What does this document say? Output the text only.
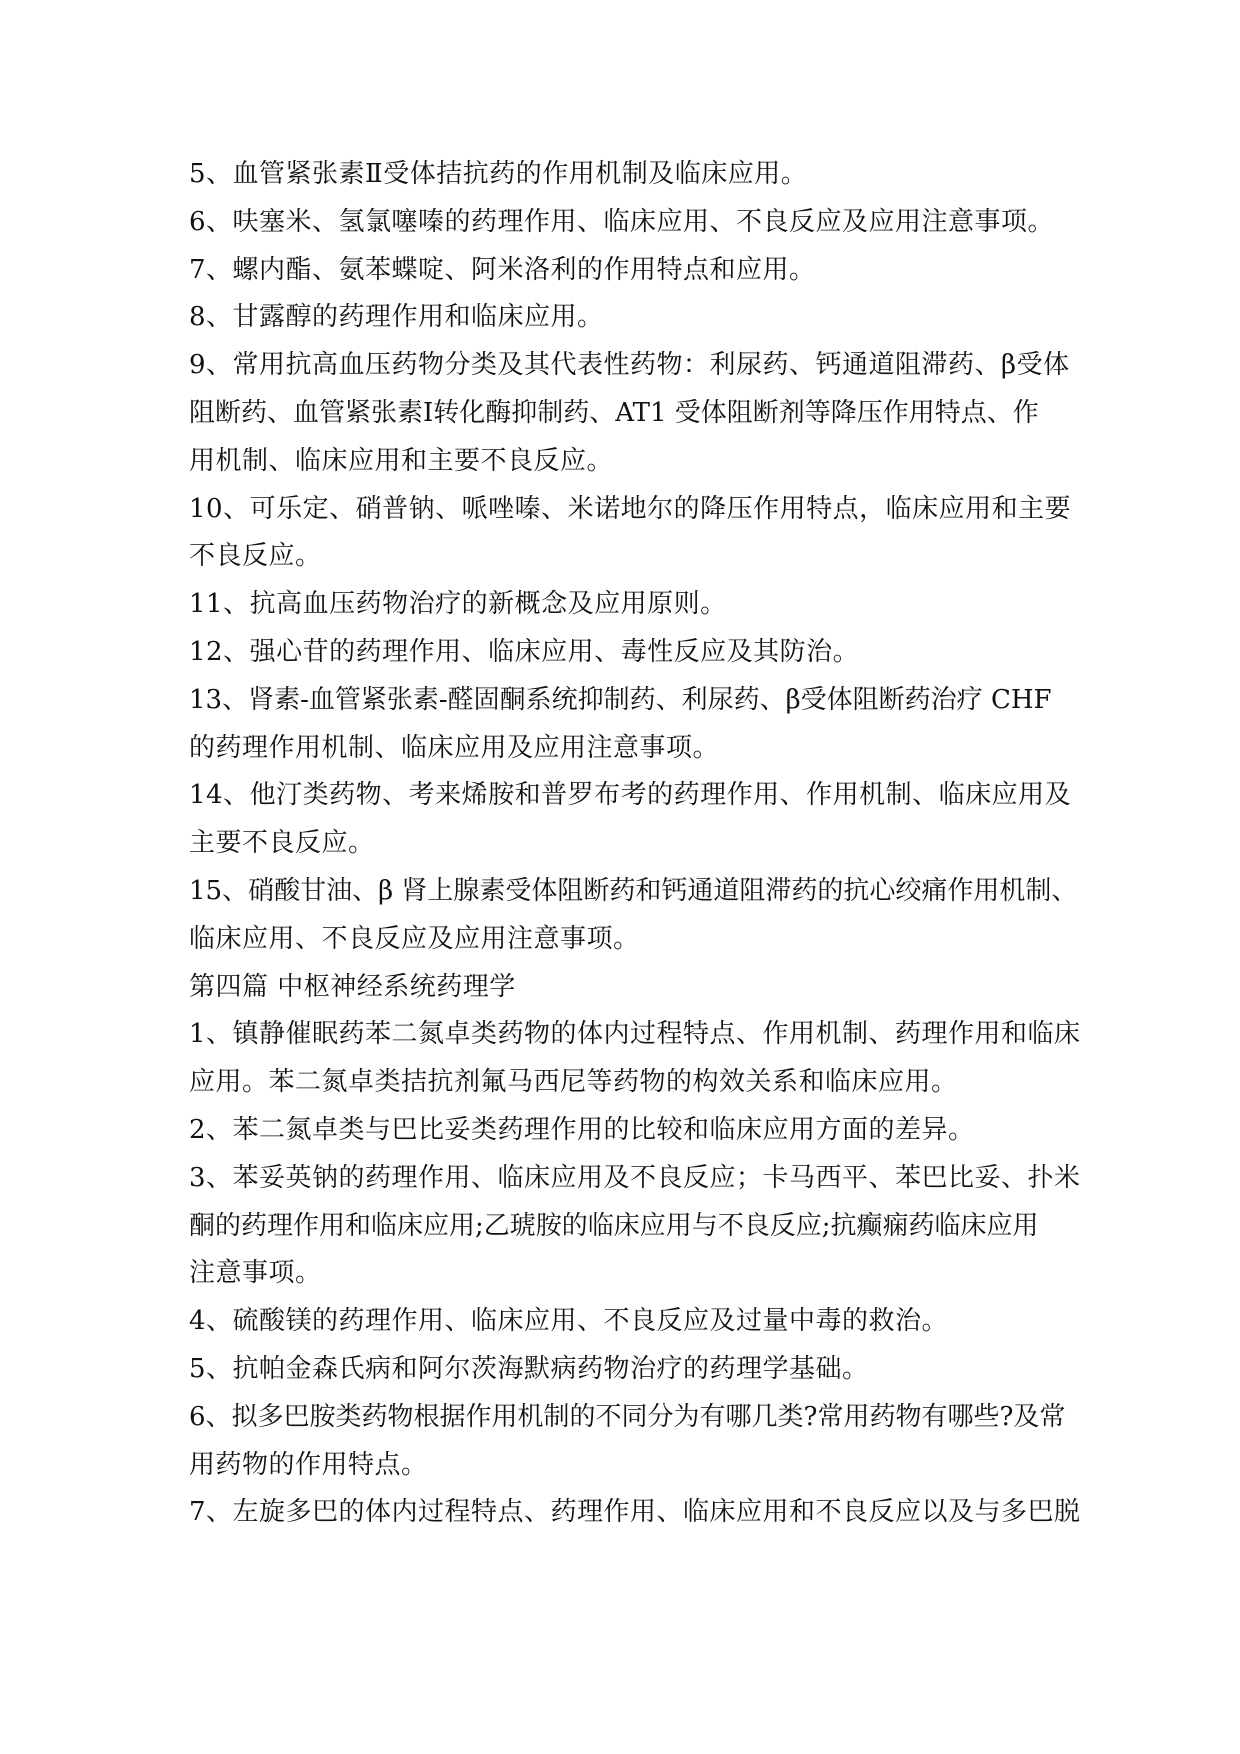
5、血管紧张素Ⅱ受体拮抗药的作用机制及临床应用。
6、呋塞米、氢氯噻嗪的药理作用、临床应用、不良反应及应用注意事项。
7、螺内酯、氨苯蝶啶、阿米洛利的作用特点和应用。
8、甘露醇的药理作用和临床应用。
9、常用抗高血压药物分类及其代表性药物：利尿药、钙通道阻滞药、β受体
阻断药、血管紧张素Ⅰ转化酶抑制药、AT1 受体阻断剂等降压作用特点、作
用机制、临床应用和主要不良反应。
10、可乐定、硝普钠、哌唑嗪、米诺地尔的降压作用特点，临床应用和主要
不良反应。
11、抗高血压药物治疗的新概念及应用原则。
12、强心苷的药理作用、临床应用、毒性反应及其防治。
13、肾素-血管紧张素-醛固酮系统抑制药、利尿药、β受体阻断药治疗 CHF
的药理作用机制、临床应用及应用注意事项。
14、他汀类药物、考来烯胺和普罗布考的药理作用、作用机制、临床应用及
主要不良反应。
15、硝酸甘油、β 肾上腺素受体阻断药和钙通道阻滞药的抗心绞痛作用机制、
临床应用、不良反应及应用注意事项。
第四篇 中枢神经系统药理学
1、镇静催眠药苯二氮卓类药物的体内过程特点、作用机制、药理作用和临床
应用。苯二氮卓类拮抗剂氟马西尼等药物的构效关系和临床应用。
2、苯二氮卓类与巴比妥类药理作用的比较和临床应用方面的差异。
3、苯妥英钠的药理作用、临床应用及不良反应；卡马西平、苯巴比妥、扑米
酮的药理作用和临床应用;乙琥胺的临床应用与不良反应;抗癫痫药临床应用
注意事项。
4、硫酸镁的药理作用、临床应用、不良反应及过量中毒的救治。
5、抗帕金森氏病和阿尔茨海默病药物治疗的药理学基础。
6、拟多巴胺类药物根据作用机制的不同分为有哪几类?常用药物有哪些?及常
用药物的作用特点。
7、左旋多巴的体内过程特点、药理作用、临床应用和不良反应以及与多巴脱
